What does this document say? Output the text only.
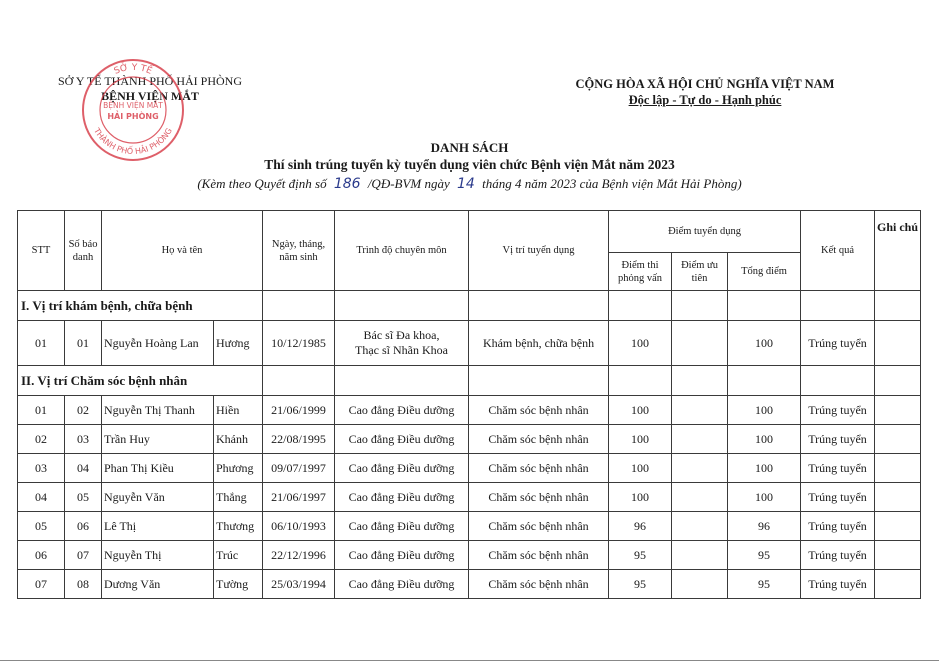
SỞ Y TẾ THÀNH PHỐ HẢI PHÒNG
BỆNH VIỆN MẮT
SỞ Y TẾ
THÀNH PHỐ HẢI PHÒNG
BỆNH VIỆN MẮT
HẢI PHÒNG
CỘNG HÒA XÃ HỘI CHỦ NGHĨA VIỆT NAM
Độc lập - Tự do - Hạnh phúc
DANH SÁCH
Thí sinh trúng tuyển kỳ tuyển dụng viên chức Bệnh viện Mắt năm 2023
(Kèm theo Quyết định số 186 /QĐ-BVM ngày 14 tháng 4 năm 2023 của Bệnh viện Mắt Hải Phòng)
STT	Số báo danh	Họ và tên		Ngày, tháng, năm sinh	Trình độ chuyên môn	Vị trí tuyển dụng	Điểm tuyển dụng			Kết quả	Ghi chú
							Điểm thi phỏng vấn	Điểm ưu tiên	Tổng điểm		
I. Vị trí khám bệnh, chữa bệnh											
01	01	Nguyễn Hoàng Lan	Hương	10/12/1985	Bác sĩ Đa khoa,
Thạc sĩ Nhãn Khoa	Khám bệnh, chữa bệnh	100		100	Trúng tuyển	
II. Vị trí Chăm sóc bệnh nhân											
01	02	Nguyễn Thị Thanh	Hiền	21/06/1999	Cao đẳng Điều dưỡng	Chăm sóc bệnh nhân	100		100	Trúng tuyển	
02	03	Trần Huy	Khánh	22/08/1995	Cao đẳng Điều dưỡng	Chăm sóc bệnh nhân	100		100	Trúng tuyển	
03	04	Phan Thị Kiều	Phương	09/07/1997	Cao đẳng Điều dưỡng	Chăm sóc bệnh nhân	100		100	Trúng tuyển	
04	05	Nguyễn Văn	Thắng	21/06/1997	Cao đẳng Điều dưỡng	Chăm sóc bệnh nhân	100		100	Trúng tuyển	
05	06	Lê Thị	Thương	06/10/1993	Cao đẳng Điều dưỡng	Chăm sóc bệnh nhân	96		96	Trúng tuyển	
06	07	Nguyễn Thị	Trúc	22/12/1996	Cao đẳng Điều dưỡng	Chăm sóc bệnh nhân	95		95	Trúng tuyển	
07	08	Dương Văn	Tường	25/03/1994	Cao đẳng Điều dưỡng	Chăm sóc bệnh nhân	95		95	Trúng tuyển	
